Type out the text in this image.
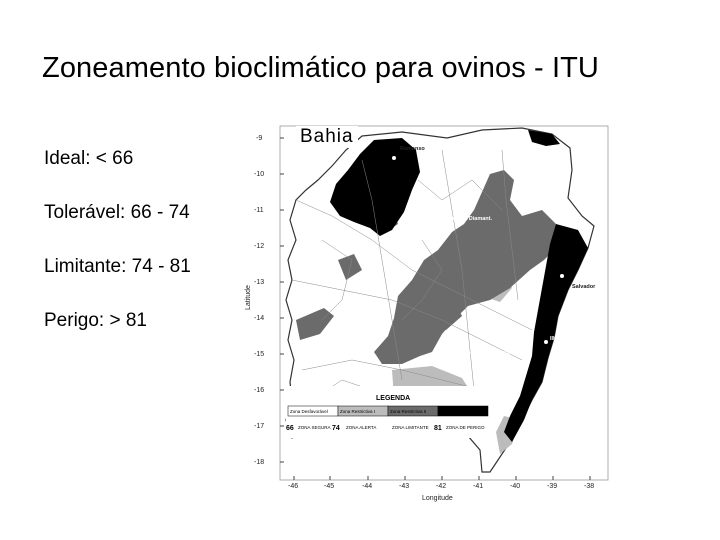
Zoneamento bioclimático para ovinos - ITU
Ideal: < 66
Tolerável: 66 - 74
Limitante: 74 - 81
Perigo: > 81
-9
-10
-11
-12
-13
-14
-15
-16
-17
-18
Latitude
-46	-45	-44	-43	-42	-41	-40	-39	-38
Longitude
Remanso
Chapada Diamant.
Salvador
Vitória da Conquista
Ilhéus
LEGENDA
Zona Desfavorável	Zona Restrictiva I	Zona Restrictiva II	Zona Desfavorável IV
66	74	81
ZONA SEGURA	ZONA ALERTA	ZONA LIMITANTE	ZONA DE PERIGO
Bahia
